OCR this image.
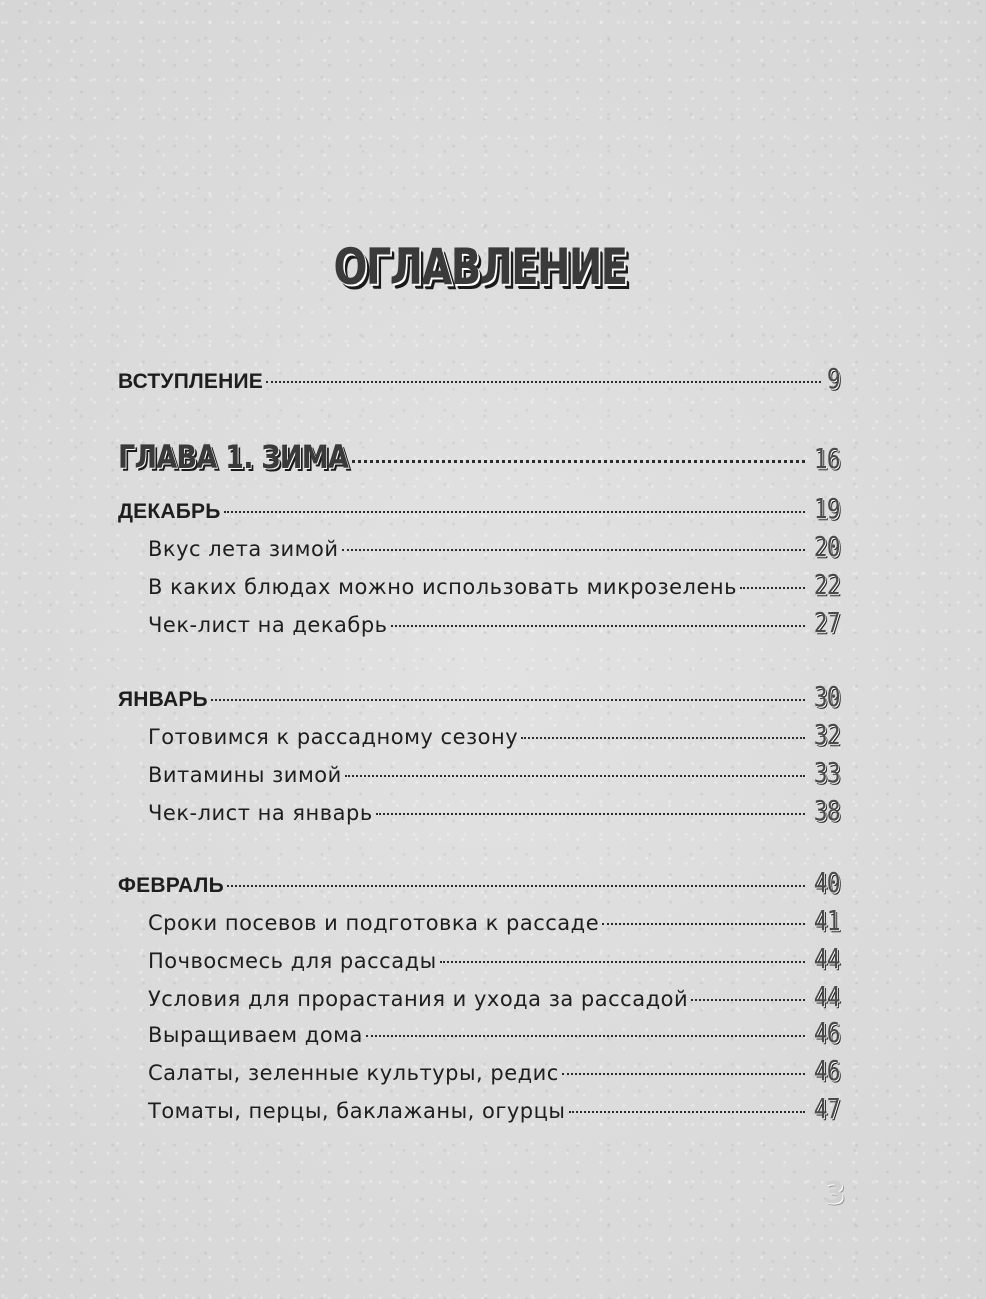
ОГЛАВЛЕНИЕ
ВСТУПЛЕНИЕ	9
ГЛАВА 1. ЗИМА	16
ДЕКАБРЬ	19
Вкус лета зимой	20
В каких блюдах можно использовать микрозелень	22
Чек-лист на декабрь	27
ЯНВАРЬ	30
Готовимся к рассадному сезону	32
Витамины зимой	33
Чек-лист на январь	38
ФЕВРАЛЬ	40
Сроки посевов и подготовка к рассаде	41
Почвосмесь для рассады	44
Условия для прорастания и ухода за рассадой	44
Выращиваем дома	46
Салаты, зеленные культуры, редис	46
Томаты, перцы, баклажаны, огурцы	47
3
